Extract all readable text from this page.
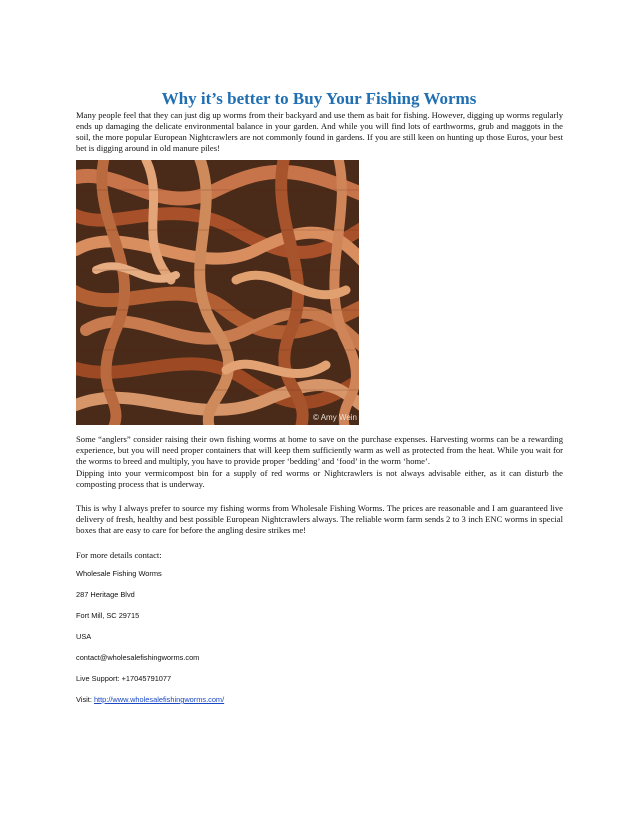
Why it’s better to Buy Your Fishing Worms

Many people feel that they can just dig up worms from their backyard and use them as bait for fishing. However, digging up worms regularly ends up damaging the delicate environmental balance in your garden. And while you will find lots of earthworms, grub and maggots in the soil, the more popular European Nightcrawlers are not commonly found in gardens. If you are still keen on hunting up those Euros, your best bet is digging around in old manure piles!

© Amy Wein

Some “anglers” consider raising their own fishing worms at home to save on the purchase expenses. Harvesting worms can be a rewarding experience, but you will need proper containers that will keep them sufficiently warm as well as protected from the heat. While you wait for the worms to breed and multiply, you have to provide proper ‘bedding’ and ‘food’ in the worm ‘home’.

Dipping into your vermicompost bin for a supply of red worms or Nightcrawlers is not always advisable either, as it can disturb the composting process that is underway.

This is why I always prefer to source my fishing worms from Wholesale Fishing Worms. The prices are reasonable and I am guaranteed live delivery of fresh, healthy and best possible European Nightcrawlers always. The reliable worm farm sends 2 to 3 inch ENC worms in special boxes that are easy to care for before the angling desire strikes me!

For more details contact:

Wholesale Fishing Worms

287 Heritage Blvd

Fort Mill, SC 29715

USA

contact@wholesalefishingworms.com

Live Support: +17045791077

Visit: http://www.wholesalefishingworms.com/
